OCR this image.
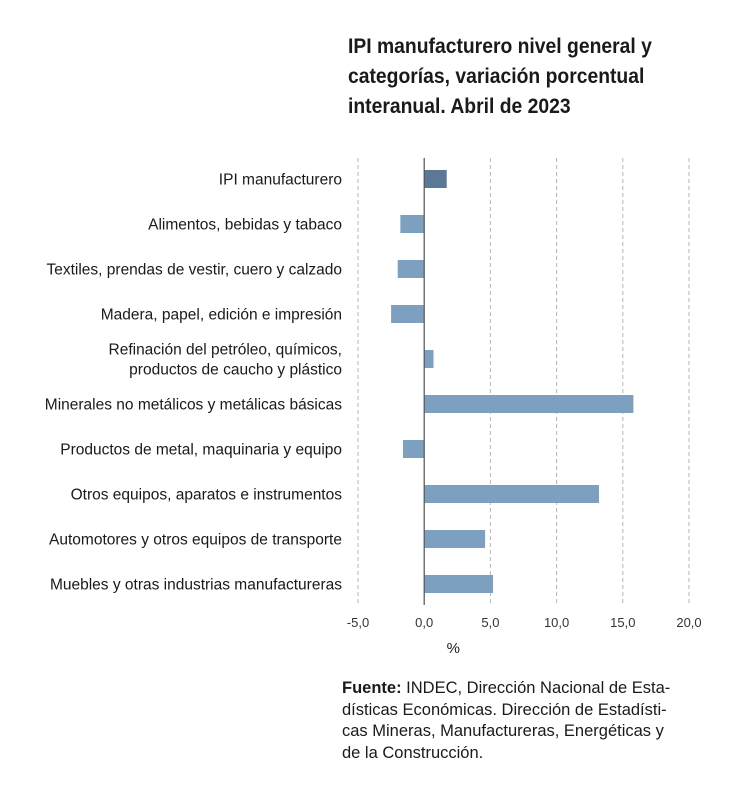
IPI manufacturero nivel general y
categorías, variación porcentual
interanual. Abril de 2023
-5,0	0,0	5,0	10,0	15,0	20,0
IPI manufacturero
Alimentos, bebidas y tabaco
Textiles, prendas de vestir, cuero y calzado
Madera, papel, edición e impresión
Refinación del petróleo, químicos,
productos de caucho y plástico
Minerales no metálicos y metálicas básicas
Productos de metal, maquinaria y equipo
Otros equipos, aparatos e instrumentos
Automotores y otros equipos de transporte
Muebles y otras industrias manufactureras
%
Fuente: INDEC, Dirección Nacional de Esta-
dísticas Económicas. Dirección de Estadísti-
cas Mineras, Manufactureras, Energéticas y
de la Construcción.
